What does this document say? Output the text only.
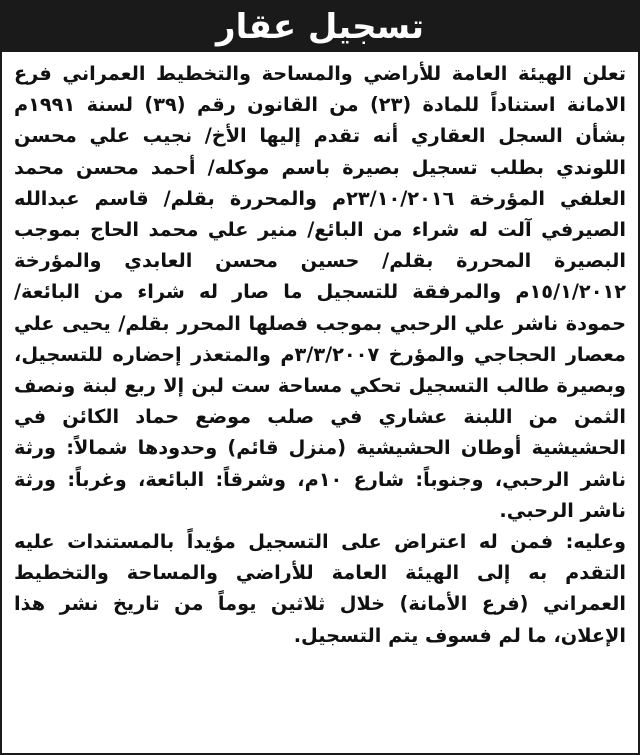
تسجيل عقار

تعلن الهيئة العامة للأراضي والمساحة والتخطيط العمراني فرع الامانة استناداً للمادة (٢٣) من القانون رقم (٣٩) لسنة ١٩٩١م بشأن السجل العقاري أنه تقدم إليها الأخ/ نجيب علي محسن اللوندي بطلب تسجيل بصيرة باسم موكله/ أحمد محسن محمد العلفي المؤرخة ٢٣/١٠/٢٠١٦م والمحررة بقلم/ قاسم عبدالله الصيرفي آلت له شراء من البائع/ منير علي محمد الحاج بموجب البصيرة المحررة بقلم/ حسين محسن العابدي والمؤرخة ١٥/١/٢٠١٢م والمرفقة للتسجيل ما صار له شراء من البائعة/ حمودة ناشر علي الرحبي بموجب فصلها المحرر بقلم/ يحيى علي معصار الحجاجي والمؤرخ ٣/٣/٢٠٠٧م والمتعذر إحضاره للتسجيل، وبصيرة طالب التسجيل تحكي مساحة ست لبن إلا ربع لبنة ونصف الثمن من اللبنة عشاري في صلب موضع حماد الكائن في الحشيشية أوطان الحشيشية (منزل قائم) وحدودها شمالاً: ورثة ناشر الرحبي، وجنوباً: شارع ١٠م، وشرقاً: البائعة، وغرباً: ورثة ناشر الرحبي.

وعليه: فمن له اعتراض على التسجيل مؤيداً بالمستندات عليه التقدم به إلى الهيئة العامة للأراضي والمساحة والتخطيط العمراني (فرع الأمانة) خلال ثلاثين يوماً من تاريخ نشر هذا الإعلان، ما لم فسوف يتم التسجيل.
